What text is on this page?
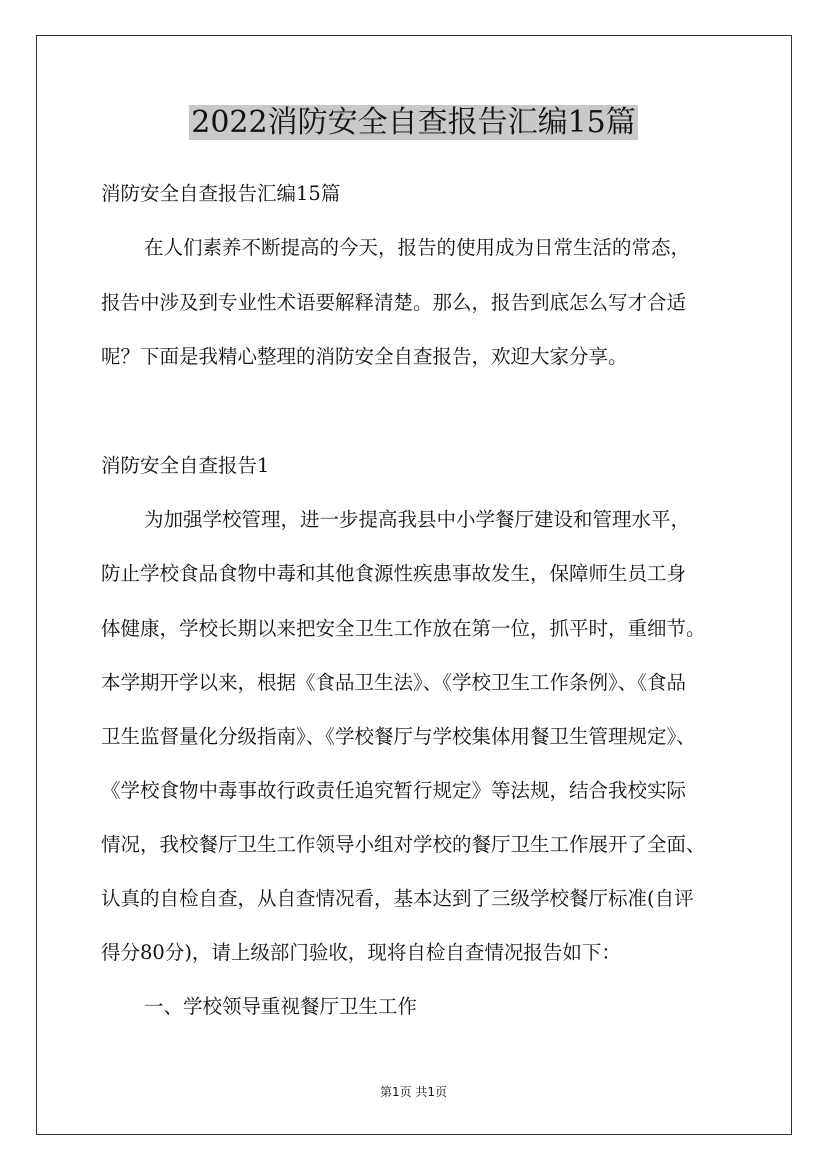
2022消防安全自查报告汇编15篇
消防安全自查报告汇编15篇
在人们素养不断提高的今天，报告的使用成为日常生活的常态，
报告中涉及到专业性术语要解释清楚。那么，报告到底怎么写才合适
呢？下面是我精心整理的消防安全自查报告，欢迎大家分享。
消防安全自查报告1
为加强学校管理，进一步提高我县中小学餐厅建设和管理水平，
防止学校食品食物中毒和其他食源性疾患事故发生，保障师生员工身
体健康，学校长期以来把安全卫生工作放在第一位，抓平时，重细节。
本学期开学以来，根据《食品卫生法》、《学校卫生工作条例》、《食品
卫生监督量化分级指南》、《学校餐厅与学校集体用餐卫生管理规定》、
《学校食物中毒事故行政责任追究暂行规定》等法规，结合我校实际
情况，我校餐厅卫生工作领导小组对学校的餐厅卫生工作展开了全面、
认真的自检自查，从自查情况看，基本达到了三级学校餐厅标准(自评
得分80分)，请上级部门验收，现将自检自查情况报告如下：
一、学校领导重视餐厅卫生工作
第1页 共1页
